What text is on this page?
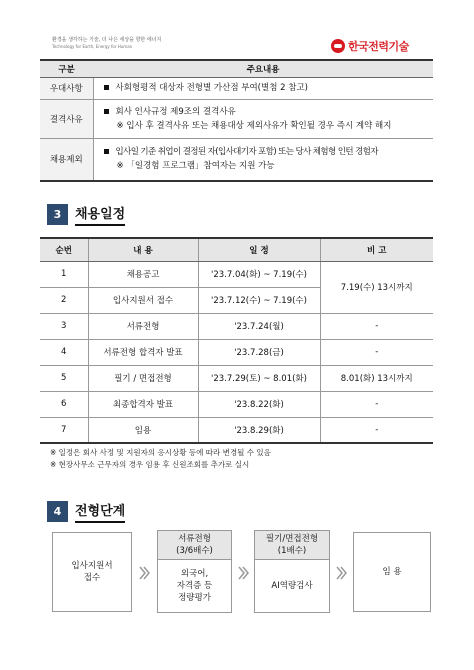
환경을 생각하는 기술, 더 나은 세상을 향한 에너지
Technology for Earth, Energy for Human	한국전력기술
구분	주요내용
우대사항	사회형평적 대상자 전형별 가산점 부여(별첨 2 참고)

결격사유	회사 인사규정 제9조의 결격사유
※ 입사 후 결격사유 또는 채용대상 제외사유가 확인될 경우 즉시 계약 해지

채용제외	입사일 기준 취업이 결정된 자(입사대기자 포함) 또는 당사 체험형 인턴 경험자
※ 「일경험 프로그램」참여자는 지원 가능
3	채용일정
순번	내 용	일 정	비 고
1	채용공고	'23.7.04(화) ~ 7.19(수)	7.19(수) 13시까지
2	입사지원서 접수	'23.7.12(수) ~ 7.19(수)	
3	서류전형	'23.7.24(월)	-
4	서류전형 합격자 발표	'23.7.28(금)	-
5	필기 / 면접전형	'23.7.29(토) ~ 8.01(화)	8.01(화) 13시까지
6	최종합격자 발표	'23.8.22(화)	-
7	임용	'23.8.29(화)	-
※ 일정은 회사 사정 및 지원자의 응시상황 등에 따라 변경될 수 있음
※ 현장사무소 근무자의 경우 임용 후 신원조회를 추가로 실시
4	전형단계
입사지원서
접수
서류전형
(3/6배수)
외국어,
자격증 등
정량평가
필기/면접전형
(1배수)
AI역량검사
임 용
